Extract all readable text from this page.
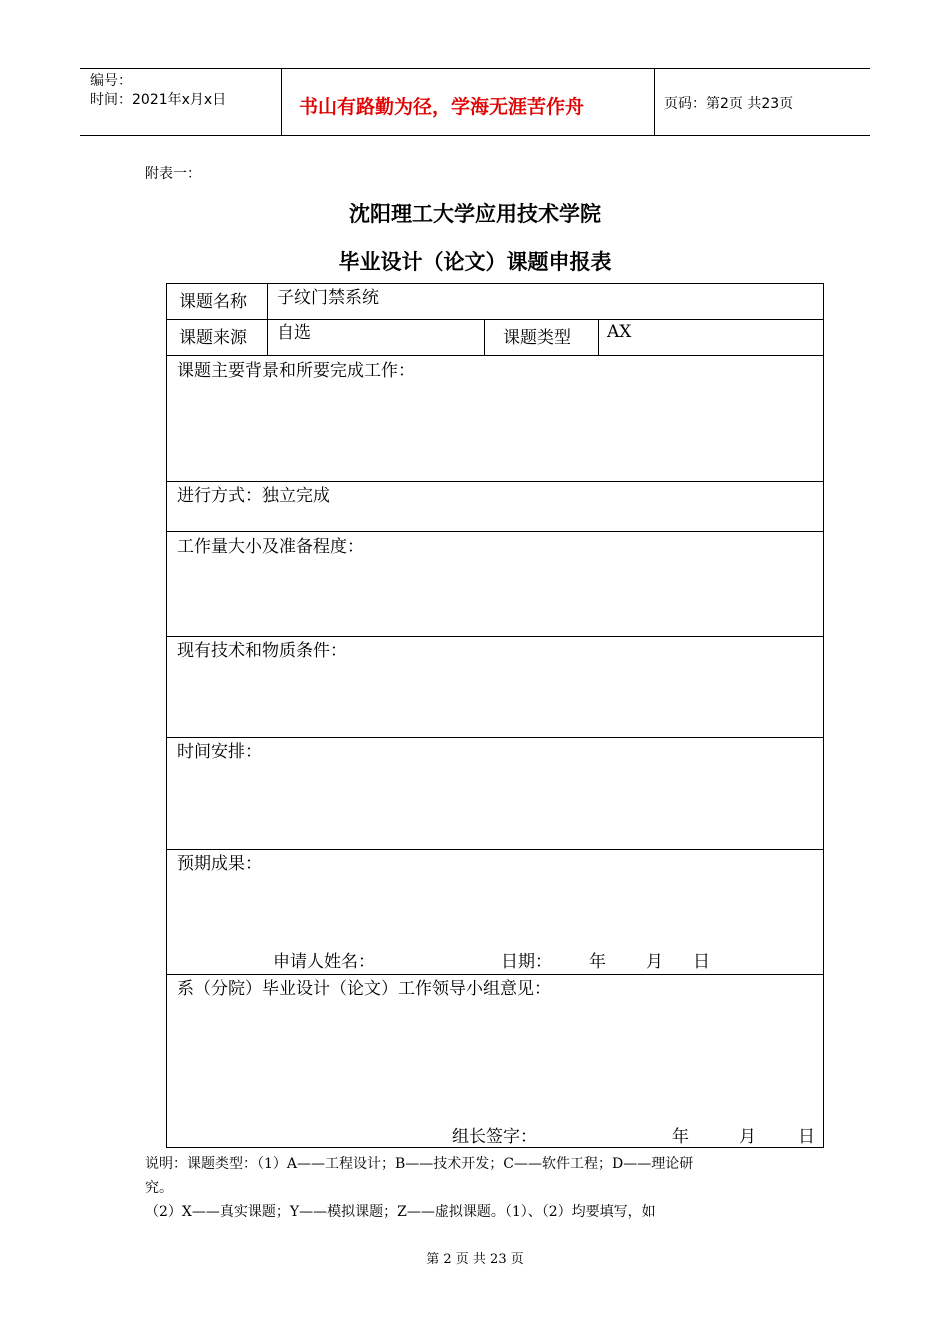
编号：
时间：2021年x月x日	书山有路勤为径，学海无涯苦作舟	页码：第2页 共23页
附表一：
沈阳理工大学应用技术学院
毕业设计（论文）课题申报表
课题名称 子纹门禁系统
课题来源 自选	课题类型 AX
课题主要背景和所要完成工作：
进行方式：独立完成
工作量大小及准备程度：
现有技术和物质条件：
时间安排：
预期成果：
申请人姓名：	日期： 年 月 日
系（分院）毕业设计（论文）工作领导小组意见：
组长签字：	年	月 日
说明：课题类型：（1）A——工程设计；B——技术开发；C——软件工程；D——理论研
究。
（2）X——真实课题；Y——模拟课题；Z——虚拟课题。（1）、（2）均要填写，如
第 2 页 共 23 页
